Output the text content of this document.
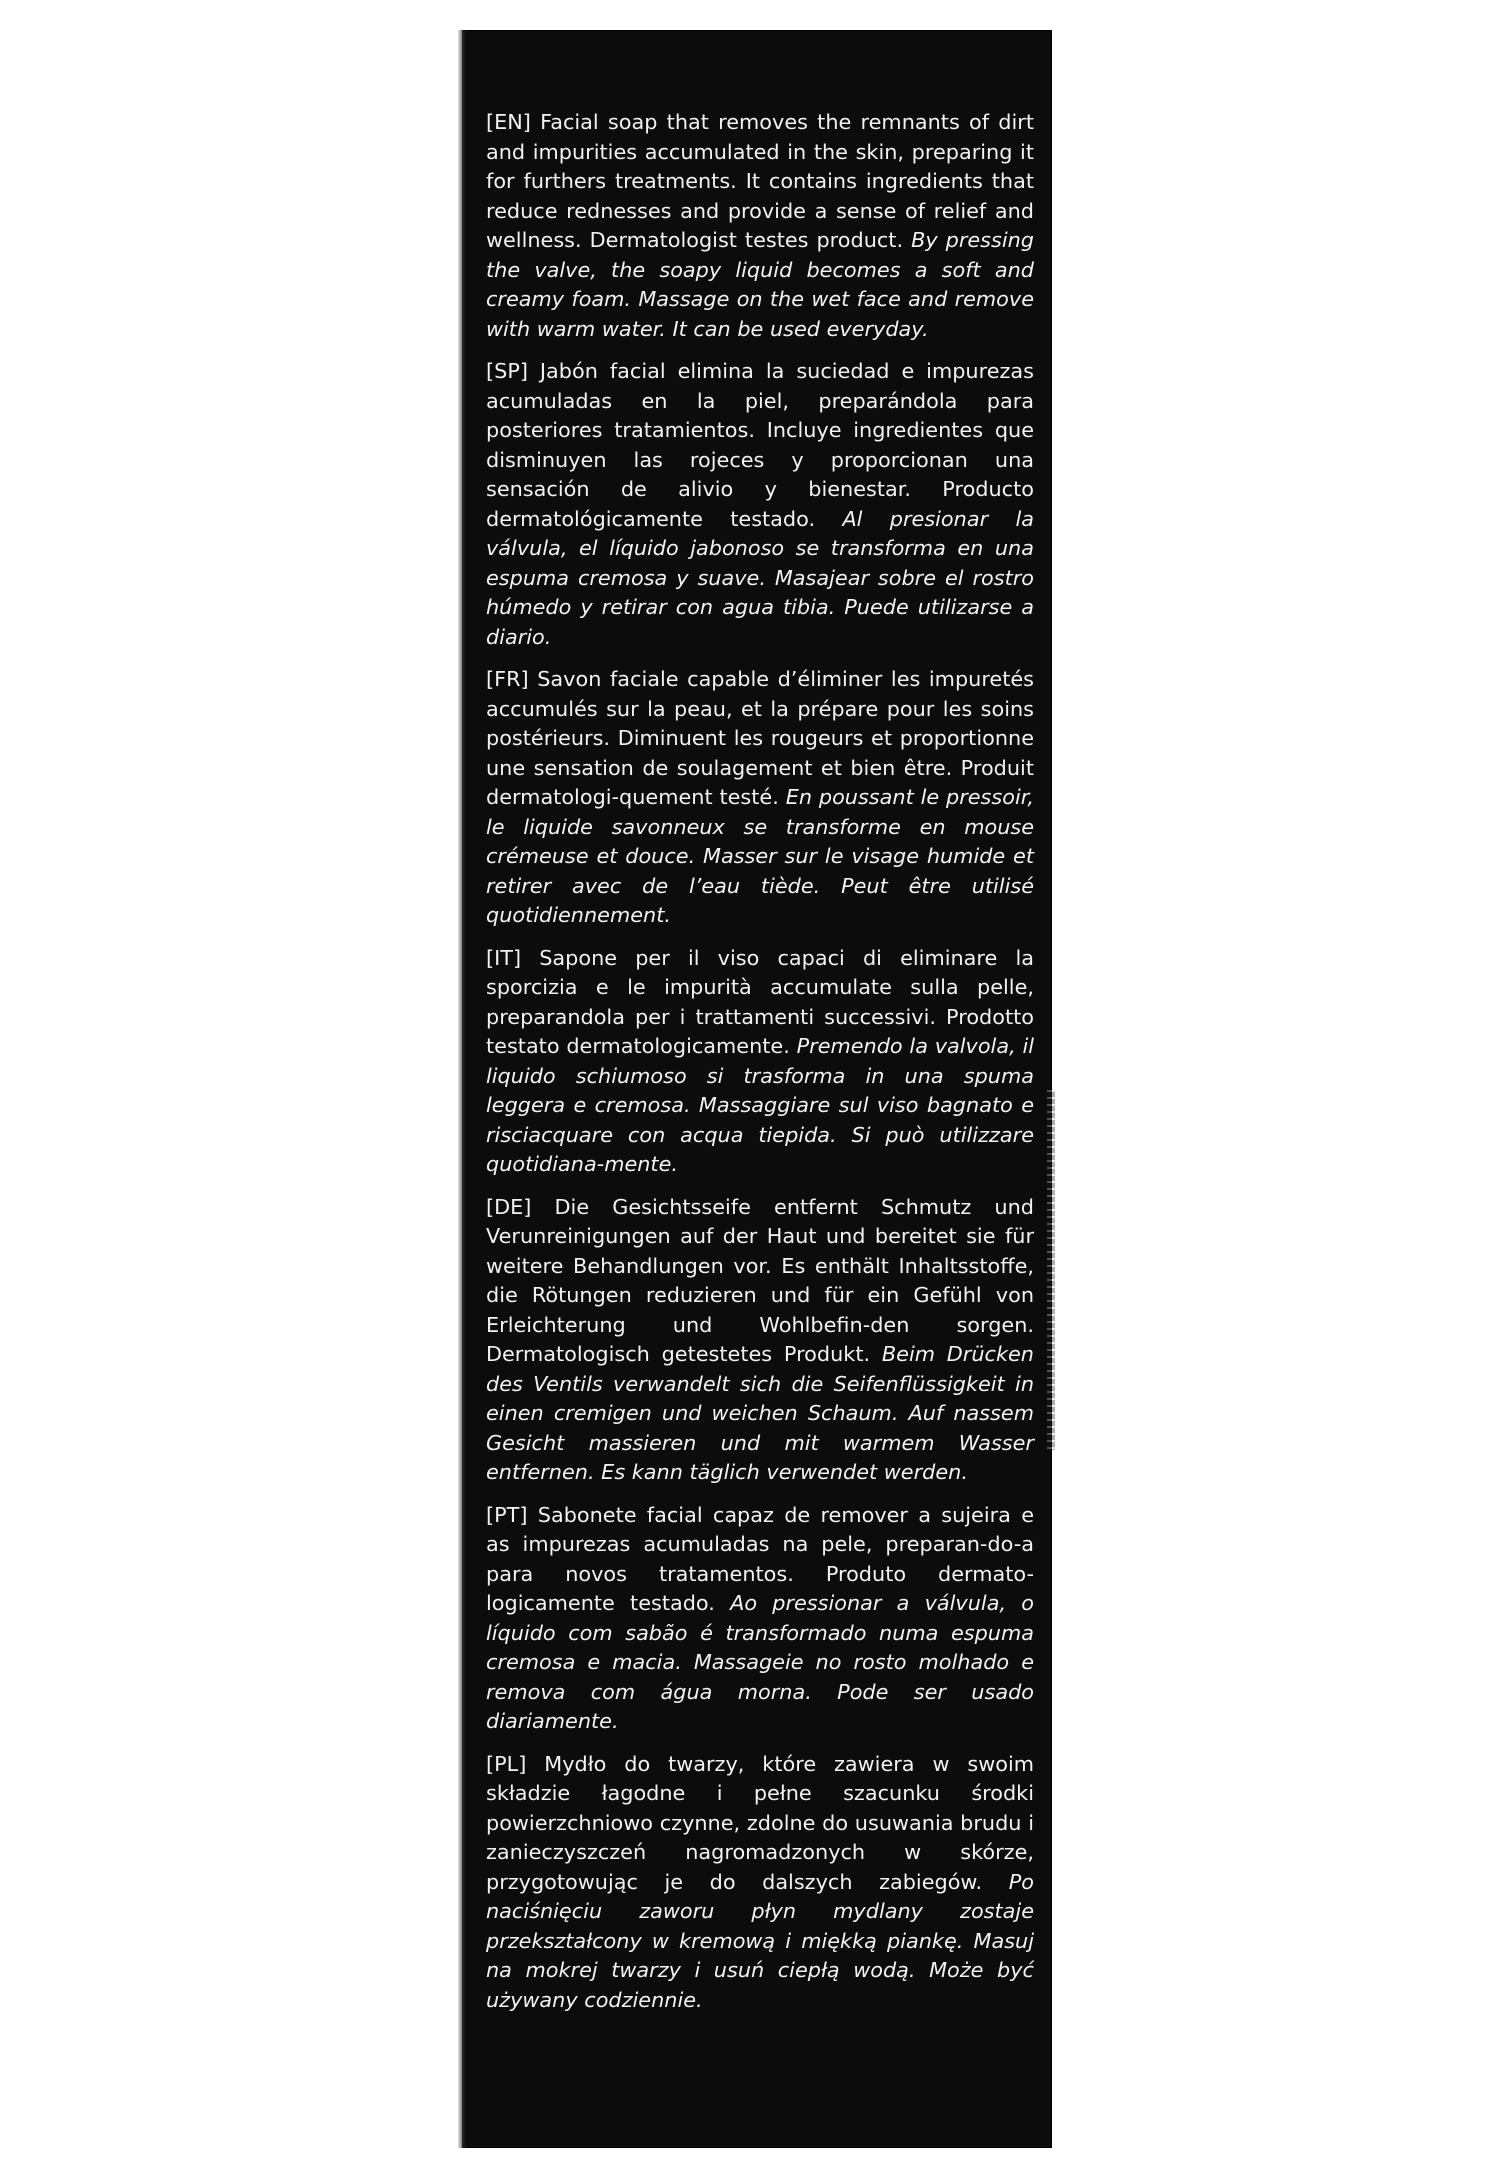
[EN] Facial soap that removes the remnants of dirt and impurities accumulated in the skin, preparing it for furthers treatments. It contains ingredients that reduce rednesses and provide a sense of relief and wellness. Dermatologist testes product. By pressing the valve, the soapy liquid becomes a soft and creamy foam. Massage on the wet face and remove with warm water. It can be used everyday.

[SP] Jabón facial elimina la suciedad e impurezas acumuladas en la piel, preparándola para posteriores tratamientos. Incluye ingredientes que disminuyen las rojeces y proporcionan una sensación de alivio y bienestar. Producto dermatológicamente testado. Al presionar la válvula, el líquido jabonoso se transforma en una espuma cremosa y suave. Masajear sobre el rostro húmedo y retirar con agua tibia. Puede utilizarse a diario.

[FR] Savon faciale capable d’éliminer les impuretés accumulés sur la peau, et la prépare pour les soins postérieurs. Diminuent les rougeurs et proportionne une sensation de soulagement et bien être. Produit dermatologi-quement testé. En poussant le pressoir, le liquide savonneux se transforme en mouse crémeuse et douce. Masser sur le visage humide et retirer avec de l’eau tiède. Peut être utilisé quotidiennement.

[IT] Sapone per il viso capaci di eliminare la sporcizia e le impurità accumulate sulla pelle, preparandola per i trattamenti successivi. Prodotto testato dermatologicamente. Premendo la valvola, il liquido schiumoso si trasforma in una spuma leggera e cremosa. Massaggiare sul viso bagnato e risciacquare con acqua tiepida. Si può utilizzare quotidiana-mente.

[DE] Die Gesichtsseife entfernt Schmutz und Verunreinigungen auf der Haut und bereitet sie für weitere Behandlungen vor. Es enthält Inhaltsstoffe, die Rötungen reduzieren und für ein Gefühl von Erleichterung und Wohlbefin-den sorgen. Dermatologisch getestetes Produkt. Beim Drücken des Ventils verwandelt sich die Seifenflüssigkeit in einen cremigen und weichen Schaum. Auf nassem Gesicht massieren und mit warmem Wasser entfernen. Es kann täglich verwendet werden.

[PT] Sabonete facial capaz de remover a sujeira e as impurezas acumuladas na pele, preparan-do-a para novos tratamentos. Produto dermato-logicamente testado. Ao pressionar a válvula, o líquido com sabão é transformado numa espuma cremosa e macia. Massageie no rosto molhado e remova com água morna. Pode ser usado diariamente.

[PL] Mydło do twarzy, które zawiera w swoim składzie łagodne i pełne szacunku środki powierzchniowo czynne, zdolne do usuwania brudu i zanieczyszczeń nagromadzonych w skórze, przygotowując je do dalszych zabiegów. Po naciśnięciu zaworu płyn mydlany zostaje przekształcony w kremową i miękką piankę. Masuj na mokrej twarzy i usuń ciepłą wodą. Może być używany codziennie.
